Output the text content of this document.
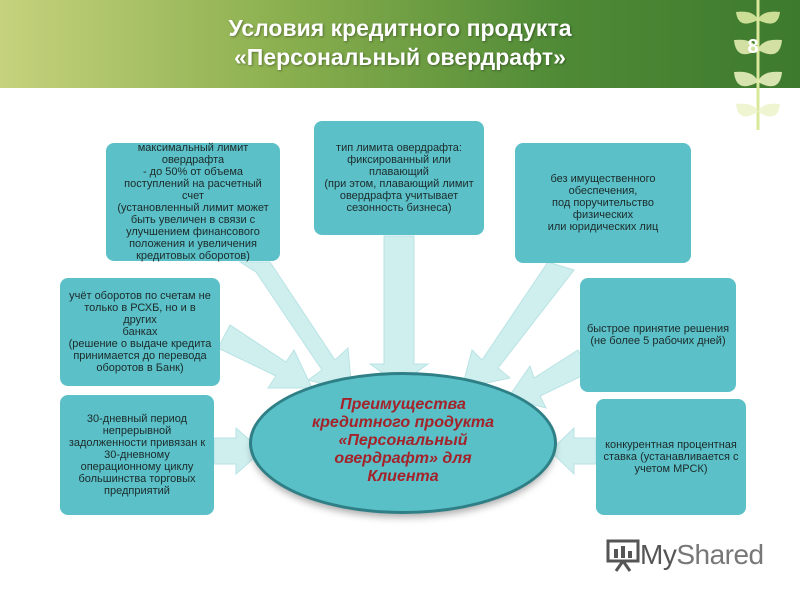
Условия кредитного продукта «Персональный овердрафт»	8
максимальный лимит
овердрафта
- до 50% от объема
поступлений на расчетный счет
(установленный лимит может
быть увеличен в связи с
улучшением финансового
положения и увеличения
кредитовых оборотов)
тип лимита овердрафта:
фиксированный или
плавающий
(при этом, плавающий лимит
овердрафта учитывает
сезонность бизнеса)
без имущественного
обеспечения,
под поручительство физических
или юридических лиц
учёт оборотов по счетам не
только в РСХБ, но и в других
банках
(решение о выдаче кредита
принимается до перевода
оборотов в Банк)
быстрое принятие решения
(не более 5 рабочих дней)
30-дневный период
непрерывной
задолженности привязан к
30-дневному
операционному циклу
большинства торговых
предприятий
конкурентная процентная
ставка (устанавливается с
учетом МРСК)
Преимущества
кредитного продукта
«Персональный
овердрафт» для
Клиента
MyShared
